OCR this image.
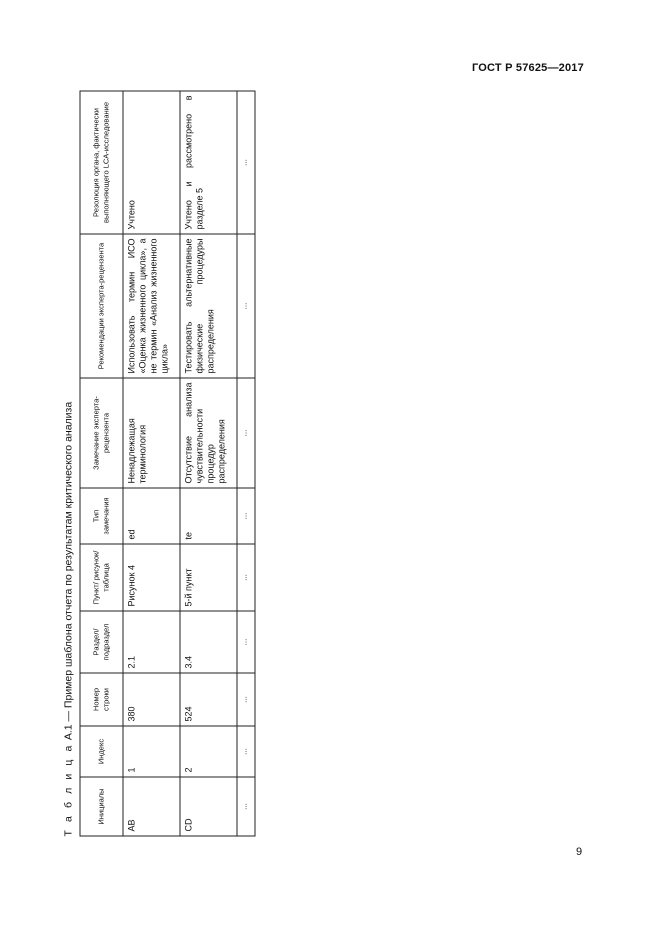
ГОСТ Р 57625—2017
Т а б л и ц а А.1 — Пример шаблона отчета по результатам критического анализа
Инициалы	Индекс	Номер строки	Раздел/ подраздел	Пункт/ рисунок/ таблица	Тип замечания	Замечание эксперта-рецензента	Рекомендации эксперта-рецензента	Резолюция органа, фактически выполняющего LCA-исследование
AB	1	380	2.1	Рисунок 4	ed	Ненадлежащая терминология	Использовать термин ИСО «Оценка жизненного цикла», а не термин «Анализ жизненного цикла»	Учтено
CD	2	524	3.4	5-й пункт	te	Отсутствие анализа чувствительности процедур распределения	Тестировать альтернативные физические процедуры распределения	Учтено и рассмотрено в разделе 5
...	...	...	...	...	...	...	...	...
9
